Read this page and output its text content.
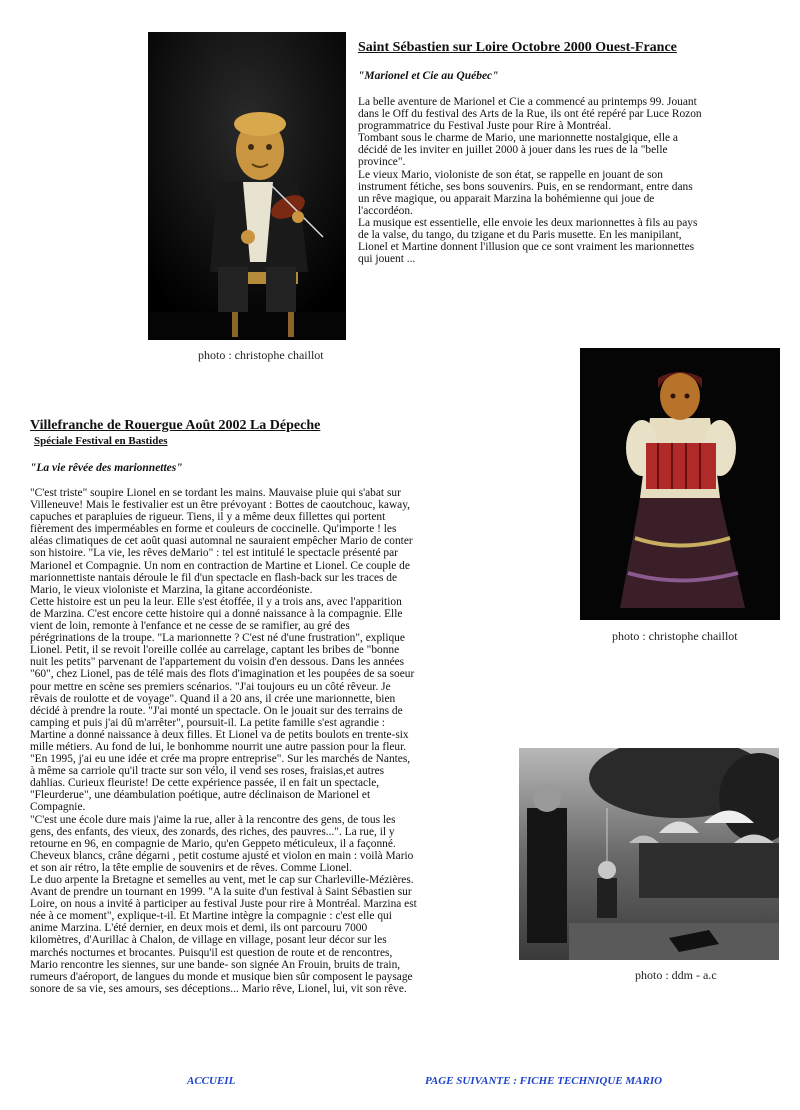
photo : christophe chaillot
Saint Sébastien sur Loire Octobre 2000 Ouest-France
"Marionel et Cie au Québec"

La belle aventure de Marionel et Cie a commencé au printemps 99. Jouant
dans le Off du festival des Arts de la Rue, ils ont été repéré par Luce Rozon
programmatrice du Festival Juste pour Rire à Montréal.
Tombant sous le charme de Mario, une marionnette nostalgique, elle a
décidé de les inviter en juillet 2000 à jouer dans les rues de la "belle
province".
Le vieux Mario, violoniste de son état, se rappelle en jouant de son
instrument fétiche, ses bons souvenirs. Puis, en se rendormant, entre dans
un rêve magique, ou apparait Marzina la bohémienne qui joue de
l'accordéon.
La musique est essentielle, elle envoie les deux marionnettes à fils au pays
de la valse, du tango, du tzigane et du Paris musette. En les manipilant,
Lionel et Martine donnent l'illusion que ce sont vraiment les marionnettes
qui jouent ...

photo : christophe chaillot
Villefranche de Rouergue Août 2002 La Dépeche
Spéciale Festival en Bastides
"La vie rêvée des marionnettes"

"C'est triste" soupire Lionel en se tordant les mains. Mauvaise pluie qui s'abat sur
Villeneuve! Mais le festivalier est un être prévoyant : Bottes de caoutchouc, kaway,
capuches et parapluies de rigueur. Tiens, il y a même deux fillettes qui portent
fièrement des imperméables en forme et couleurs de coccinelle. Qu'importe ! les
aléas climatiques de cet août quasi automnal ne sauraient empêcher Mario de conter
son histoire. "La vie, les rêves deMario" : tel est intitulé le spectacle présenté par
Marionel et Compagnie. Un nom en contraction de Martine et Lionel. Ce couple de
marionnettiste nantais déroule le fil d'un spectacle en flash-back sur les traces de
Mario, le vieux violoniste et Marzina, la gitane accordéoniste.
Cette histoire est un peu la leur. Elle s'est étoffée, il y a trois ans, avec l'apparition
de Marzina. C'est encore cette histoire qui a donné naissance à la compagnie. Elle
vient de loin, remonte à l'enfance et ne cesse de se ramifier, au gré des
pérégrinations de la troupe. "La marionnette ? C'est né d'une frustration", explique
Lionel. Petit, il se revoit l'oreille collée au carrelage, captant les bribes de "bonne
nuit les petits" parvenant de l'appartement du voisin d'en dessous. Dans les années
"60", chez Lionel, pas de télé mais des flots d'imagination et les poupées de sa soeur
pour mettre en scène ses premiers scénarios. "J'ai toujours eu un côté rêveur. Je
rêvais de roulotte et de voyage". Quand il a 20 ans, il crée une marionnette, bien
décidé à prendre la route. "J'ai monté un spectacle. On le jouait sur des terrains de
camping et puis j'ai dû m'arrêter", poursuit-il. La petite famille s'est agrandie :
Martine a donné naissance à deux filles. Et Lionel va de petits boulots en trente-six
mille métiers. Au fond de lui, le bonhomme nourrit une autre passion pour la fleur.
"En 1995, j'ai eu une idée et crée ma propre entreprise". Sur les marchés de Nantes,
à même sa carriole qu'il tracte sur son vélo, il vend ses roses, fraisias,et autres
dahlias. Curieux fleuriste! De cette expérience passée, il en fait un spectacle,
"Fleurderue", une déambulation poétique, autre déclinaison de Marionel et
Compagnie.
"C'est une école dure mais j'aime la rue, aller à la rencontre des gens, de tous les
gens, des enfants, des vieux, des zonards, des riches, des pauvres...". La rue, il y
retourne en 96, en compagnie de Mario, qu'en Geppeto méticuleux, il a façonné.
Cheveux blancs, crâne dégarni , petit costume ajusté et violon en main : voilà Mario
et son air rétro, la tête emplie de souvenirs et de rêves. Comme Lionel.
Le duo arpente la Bretagne et semelles au vent, met le cap sur Charleville-Mézières.
Avant de prendre un tournant en 1999. "A la suite d'un festival à Saint Sébastien sur
Loire, on nous a invité à participer au festival Juste pour rire à Montréal. Marzina est
née à ce moment", explique-t-il. Et Martine intègre la compagnie : c'est elle qui
anime Marzina. L'été dernier, en deux mois et demi, ils ont parcouru 7000
kilomètres, d'Aurillac à Chalon, de village en village, posant leur décor sur les
marchés nocturnes et brocantes. Puisqu'il est question de route et de rencontres,
Mario rencontre les siennes, sur une bande- son signée An Frouin, bruits de train,
rumeurs d'aéroport, de langues du monde et musique bien sûr composent le paysage
sonore de sa vie, ses amours, ses déceptions... Mario rêve, Lionel, lui, vit son rêve.

photo : ddm - a.c
ACCUEIL	PAGE SUIVANTE : FICHE TECHNIQUE MARIO
